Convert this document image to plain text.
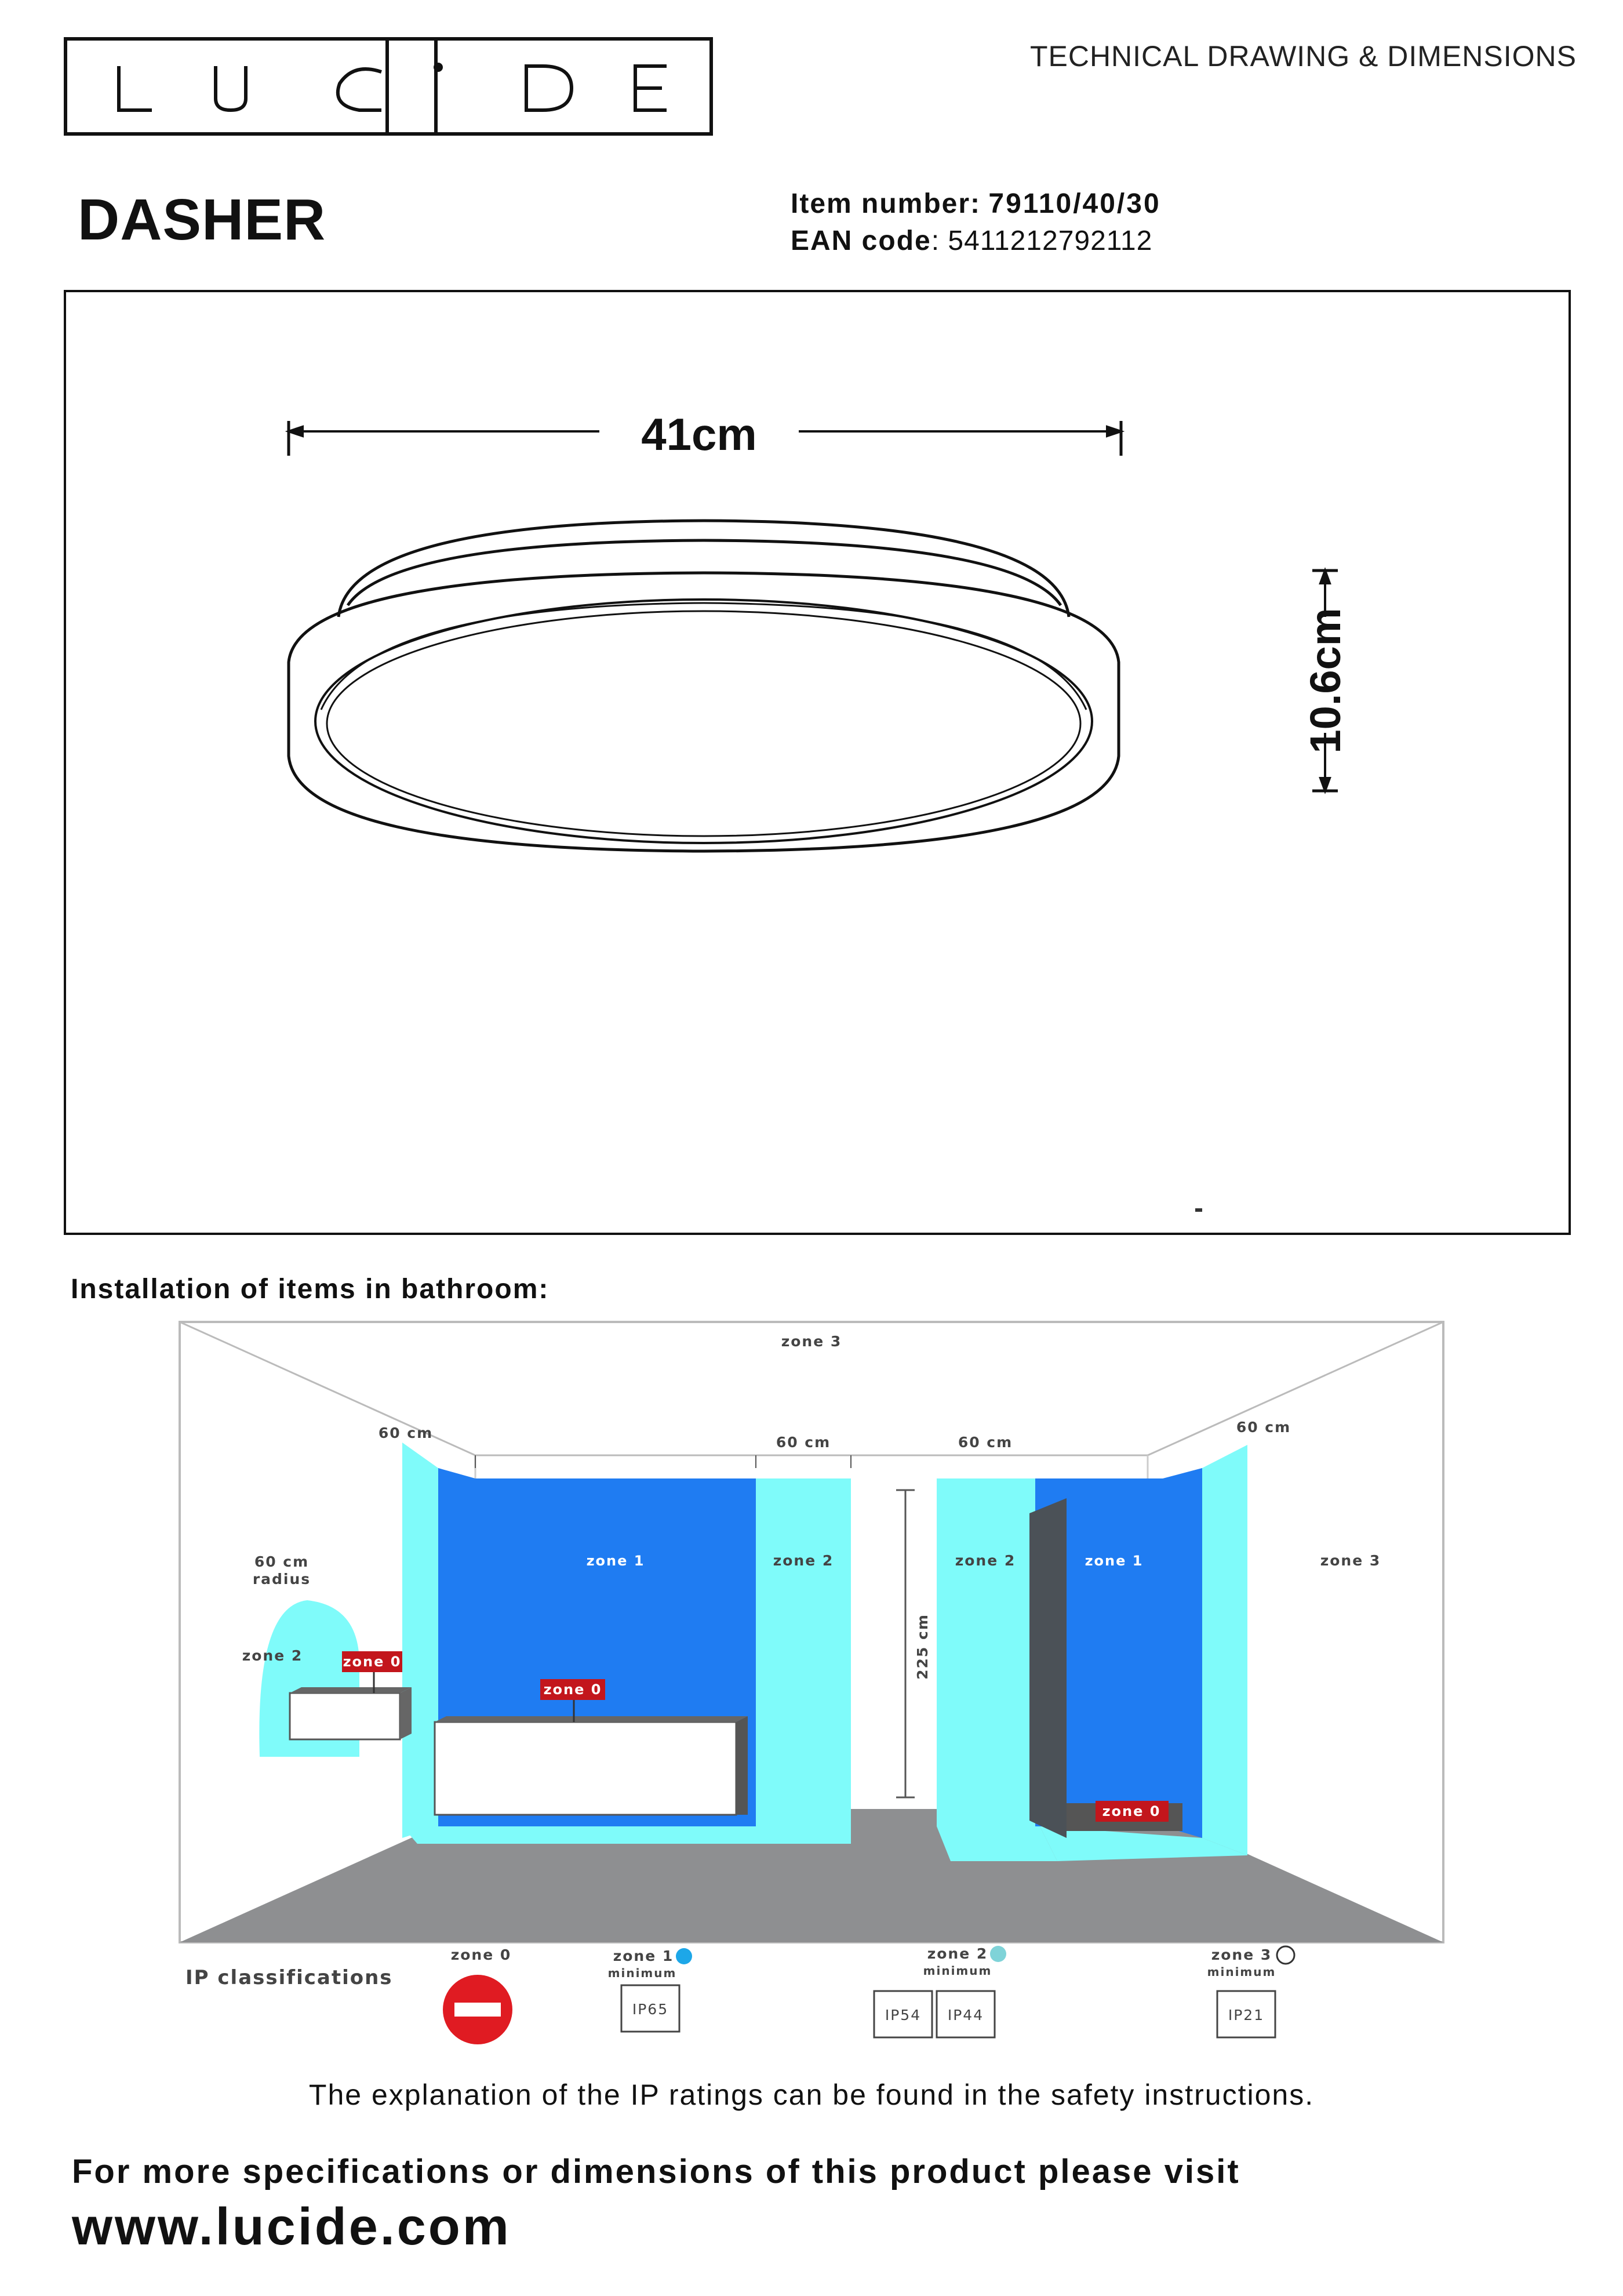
TECHNICAL DRAWING & DIMENSIONS
DASHER	Item number: 79110/40/30
EAN code: 5411212792112
41cm
10.6cm
Installation of items in bathroom:
zone 3
60 cm
60 cm	60 cm
60 cm
60 cm
radius
zone 2	zone 0
zone 1
zone 0
zone 2
225 cm
zone 2	zone 1
zone 0
zone 3
IP classifications
zone 0	zone 1
minimum
IP65
zone 2
minimum
IP54 IP44
zone 3
minimum
IP21
The explanation of the IP ratings can be found in the safety instructions.
For more specifications or dimensions of this product please visit
www.lucide.com
